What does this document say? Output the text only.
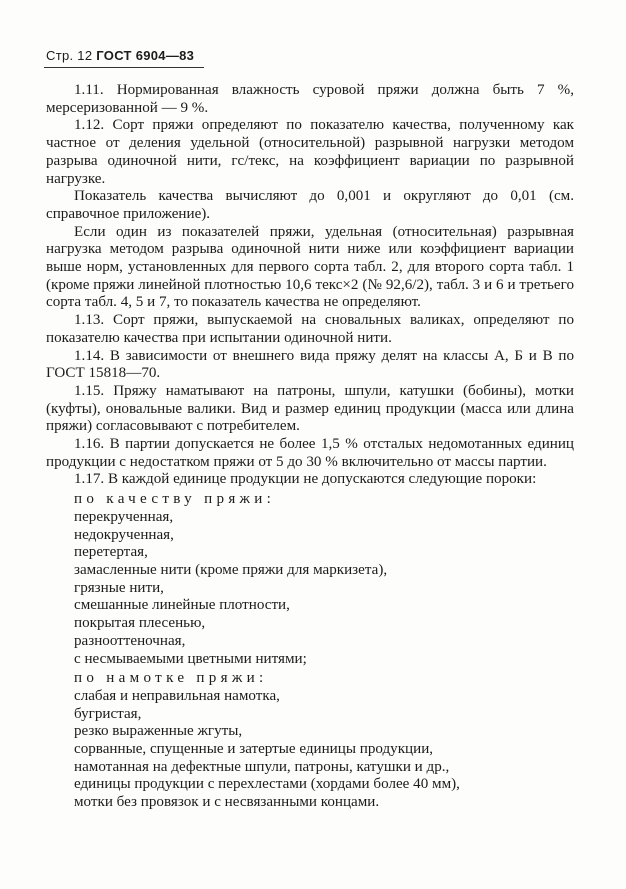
Стр. 12 ГОСТ 6904—83

1.11. Нормированная влажность суровой пряжи должна быть 7 %, мерсеризованной — 9 %.

1.12. Сорт пряжи определяют по показателю качества, полученному как частное от деления удельной (относительной) разрывной нагрузки методом разрыва одиночной нити, гс/текс, на коэффициент вариации по разрывной нагрузке.

Показатель качества вычисляют до 0,001 и округляют до 0,01 (см. справочное приложение).

Если один из показателей пряжи, удельная (относительная) разрывная нагрузка методом разрыва одиночной нити ниже или коэффициент вариации выше норм, установленных для первого сорта табл. 2, для второго сорта табл. 1 (кроме пряжи линейной плотностью 10,6 текс×2 (№ 92,6/2), табл. 3 и 6 и третьего сорта табл. 4, 5 и 7, то показатель качества не определяют.

1.13. Сорт пряжи, выпускаемой на сновальных валиках, определяют по показателю качества при испытании одиночной нити.

1.14. В зависимости от внешнего вида пряжу делят на классы А, Б и В по ГОСТ 15818—70.

1.15. Пряжу наматывают на патроны, шпули, катушки (бобины), мотки (куфты), оновальные валики. Вид и размер единиц продукции (масса или длина пряжи) согласовывают с потребителем.

1.16. В партии допускается не более 1,5 % отсталых недомотанных единиц продукции с недостатком пряжи от 5 до 30 % включительно от массы партии.

1.17. В каждой единице продукции не допускаются следующие пороки:

по качеству пряжи:

перекрученная,
недокрученная,
перетертая,
замасленные нити (кроме пряжи для маркизета),
грязные нити,
смешанные линейные плотности,
покрытая плесенью,
разнооттеночная,
с несмываемыми цветными нитями;

по намотке пряжи:

слабая и неправильная намотка,
бугристая,
резко выраженные жгуты,
сорванные, спущенные и затертые единицы продукции,
намотанная на дефектные шпули, патроны, катушки и др.,
единицы продукции с перехлестами (хордами более 40 мм),
мотки без провязок и с несвязанными концами.
